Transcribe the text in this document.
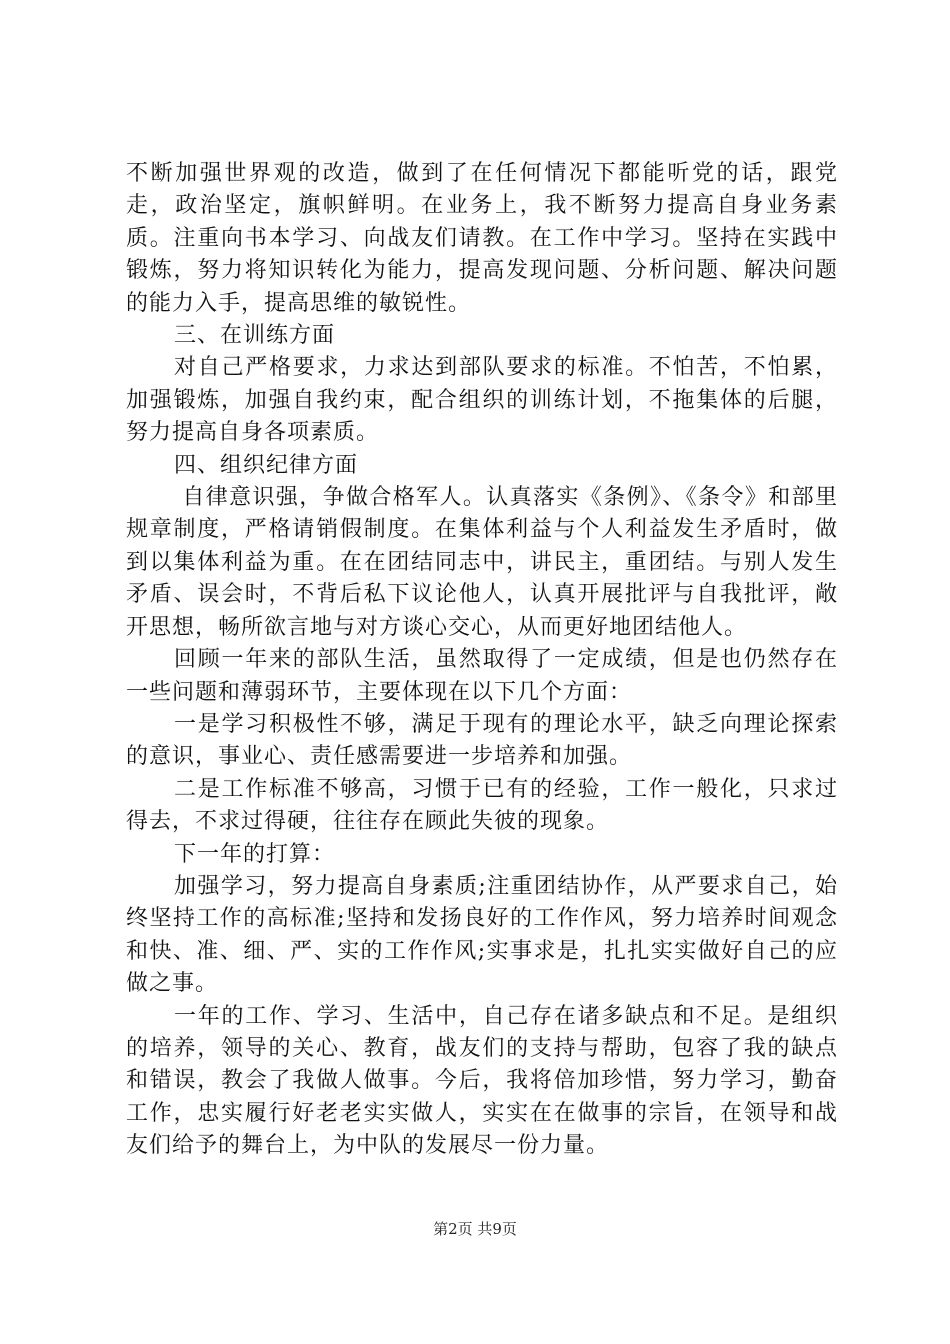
不断加强世界观的改造，做到了在任何情况下都能听党的话，跟党走，政治坚定，旗帜鲜明。在业务上，我不断努力提高自身业务素质。注重向书本学习、向战友们请教。在工作中学习。坚持在实践中锻炼，努力将知识转化为能力，提高发现问题、分析问题、解决问题的能力入手，提高思维的敏锐性。

三、在训练方面

对自己严格要求，力求达到部队要求的标准。不怕苦，不怕累，加强锻炼，加强自我约束，配合组织的训练计划，不拖集体的后腿，努力提高自身各项素质。

四、组织纪律方面

自律意识强，争做合格军人。认真落实《条例》、《条令》和部里规章制度，严格请销假制度。在集体利益与个人利益发生矛盾时，做到以集体利益为重。在在团结同志中，讲民主，重团结。与别人发生矛盾、误会时，不背后私下议论他人，认真开展批评与自我批评，敞开思想，畅所欲言地与对方谈心交心，从而更好地团结他人。

回顾一年来的部队生活，虽然取得了一定成绩，但是也仍然存在一些问题和薄弱环节，主要体现在以下几个方面：

一是学习积极性不够，满足于现有的理论水平，缺乏向理论探索的意识，事业心、责任感需要进一步培养和加强。

二是工作标准不够高，习惯于已有的经验，工作一般化，只求过得去，不求过得硬，往往存在顾此失彼的现象。

下一年的打算：

加强学习，努力提高自身素质;注重团结协作，从严要求自己，始终坚持工作的高标准;坚持和发扬良好的工作作风，努力培养时间观念和快、准、细、严、实的工作作风;实事求是，扎扎实实做好自己的应做之事。

一年的工作、学习、生活中，自己存在诸多缺点和不足。是组织的培养，领导的关心、教育，战友们的支持与帮助，包容了我的缺点和错误，教会了我做人做事。今后，我将倍加珍惜，努力学习，勤奋工作，忠实履行好老老实实做人，实实在在做事的宗旨，在领导和战友们给予的舞台上，为中队的发展尽一份力量。

第2页 共9页
